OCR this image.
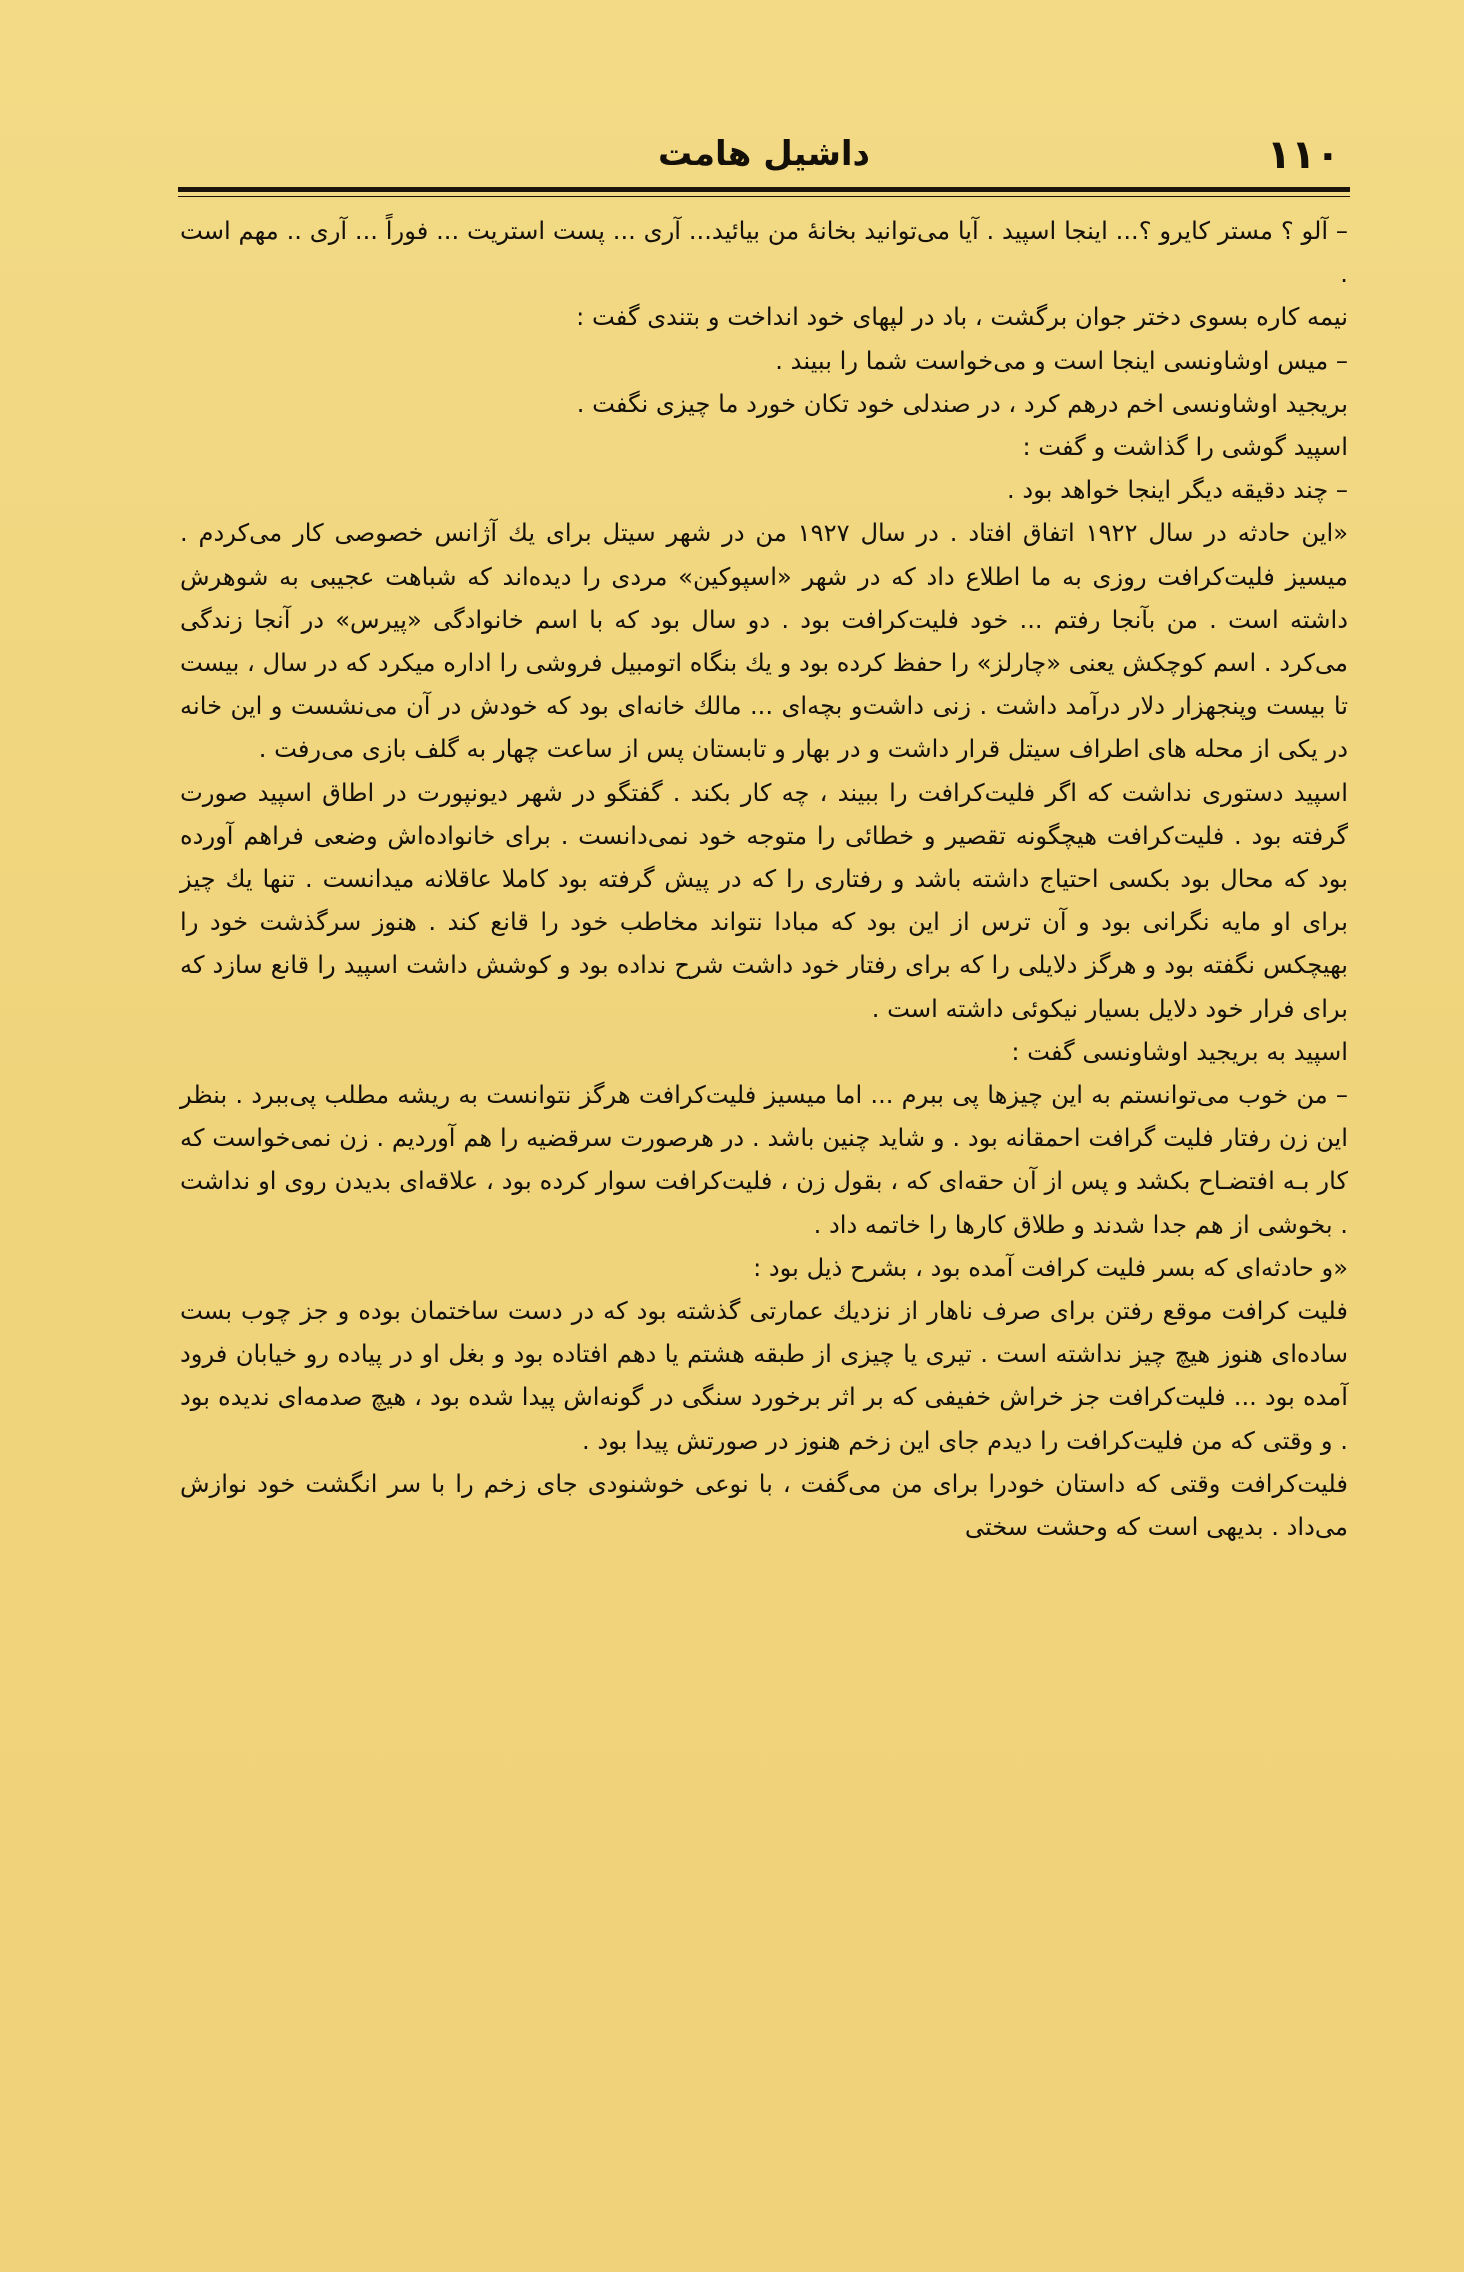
۱۱۰
داشیل هامت

– آلو ؟ مستر کایرو ؟... اینجا اسپید . آیا می‌توانید بخانهٔ من بیائید... آری ... پست استریت ... فوراً ... آری .. مهم است .

نیمه کاره بسوی دختر جوان برگشت ، باد در لپهای خود انداخت و بتندی گفت :

– میس اوشاونسی اینجا است و می‌خواست شما را ببیند .

بریجید اوشاونسی اخم درهم کرد ، در صندلی خود تکان خورد ما چیزی نگفت .

اسپید گوشی را گذاشت و گفت :

– چند دقیقه دیگر اینجا خواهد بود .

«این حادثه در سال ۱۹۲۲ اتفاق افتاد . در سال ۱۹۲۷ من در شهر سیتل برای یك آژانس خصوصی کار می‌کردم . میسیز فلیت‌کرافت روزی به ما اطلاع داد که در شهر «اسپوکین» مردی را دیده‌اند که شباهت عجیبی به شوهرش داشته است . من بآنجا رفتم ... خود فلیت‌کرافت بود . دو سال بود که با اسم خانوادگی «پیرس» در آنجا زندگی می‌کرد . اسم کوچکش یعنی «چارلز» را حفظ کرده بود و یك بنگاه اتومبیل فروشی را اداره میکرد که در سال ، بیست تا بیست وپنجهزار دلار درآمد داشت . زنی داشت‌و بچه‌ای ... مالك خانه‌ای بود که خودش در آن می‌نشست و این خانه در یکی از محله های اطراف سیتل قرار داشت و در بهار و تابستان پس از ساعت چهار به گلف بازی می‌رفت .

اسپید دستوری نداشت که اگر فلیت‌کرافت را ببیند ، چه کار بکند . گفتگو در شهر دیونپورت در اطاق اسپید صورت گرفته بود . فلیت‌کرافت هیچگونه تقصیر و خطائی را متوجه خود نمی‌دانست . برای خانواده‌اش وضعی فراهم آورده بود که محال بود بکسی احتیاج داشته باشد و رفتاری را که در پیش گرفته بود کاملا عاقلانه میدانست . تنها یك چیز برای او مایه نگرانی بود و آن ترس از این بود که مبادا نتواند مخاطب خود را قانع کند . هنوز سرگذشت خود را بهیچکس نگفته بود و هرگز دلایلی را که برای رفتار خود داشت شرح نداده بود و کوشش داشت اسپید را قانع سازد که برای فرار خود دلایل بسیار نیکوئی داشته است .

اسپید به بریجید اوشاونسی گفت :

– من خوب می‌توانستم به این چیزها پی ببرم ... اما میسیز فلیت‌کرافت هرگز نتوانست به ریشه مطلب پی‌ببرد . بنظر این زن رفتار فلیت گرافت احمقانه بود . و شاید چنین باشد . در هرصورت سرقضیه را هم آوردیم . زن نمی‌خواست که کار بـه افتضـاح بکشد و پس از آن حقه‌ای که ، بقول زن ، فلیت‌کرافت سوار کرده بود ، علاقه‌ای بدیدن روی او نداشت . بخوشی از هم جدا شدند و طلاق کارها را خاتمه داد .

«و حادثه‌ای که بسر فلیت کرافت آمده بود ، بشرح ذیل بود :

فلیت کرافت موقع رفتن برای صرف ناهار از نزدیك عمارتی گذشته بود که در دست ساختمان بوده و جز چوب بست ساده‌ای هنوز هیچ چیز نداشته است . تیری یا چیزی از طبقه هشتم یا دهم افتاده بود و بغل او در پیاده رو خیابان فرود آمده بود ... فلیت‌کرافت جز خراش خفیفی که بر اثر برخورد سنگی در گونه‌اش پیدا شده بود ، هیچ صدمه‌ای ندیده بود . و وقتی که من فلیت‌کرافت را دیدم جای این زخم هنوز در صورتش پیدا بود .

فلیت‌کرافت وقتی که داستان خودرا برای من می‌گفت ، با نوعی خوشنودی جای زخم را با سر انگشت خود نوازش می‌داد . بدیهی است که وحشت سختی
